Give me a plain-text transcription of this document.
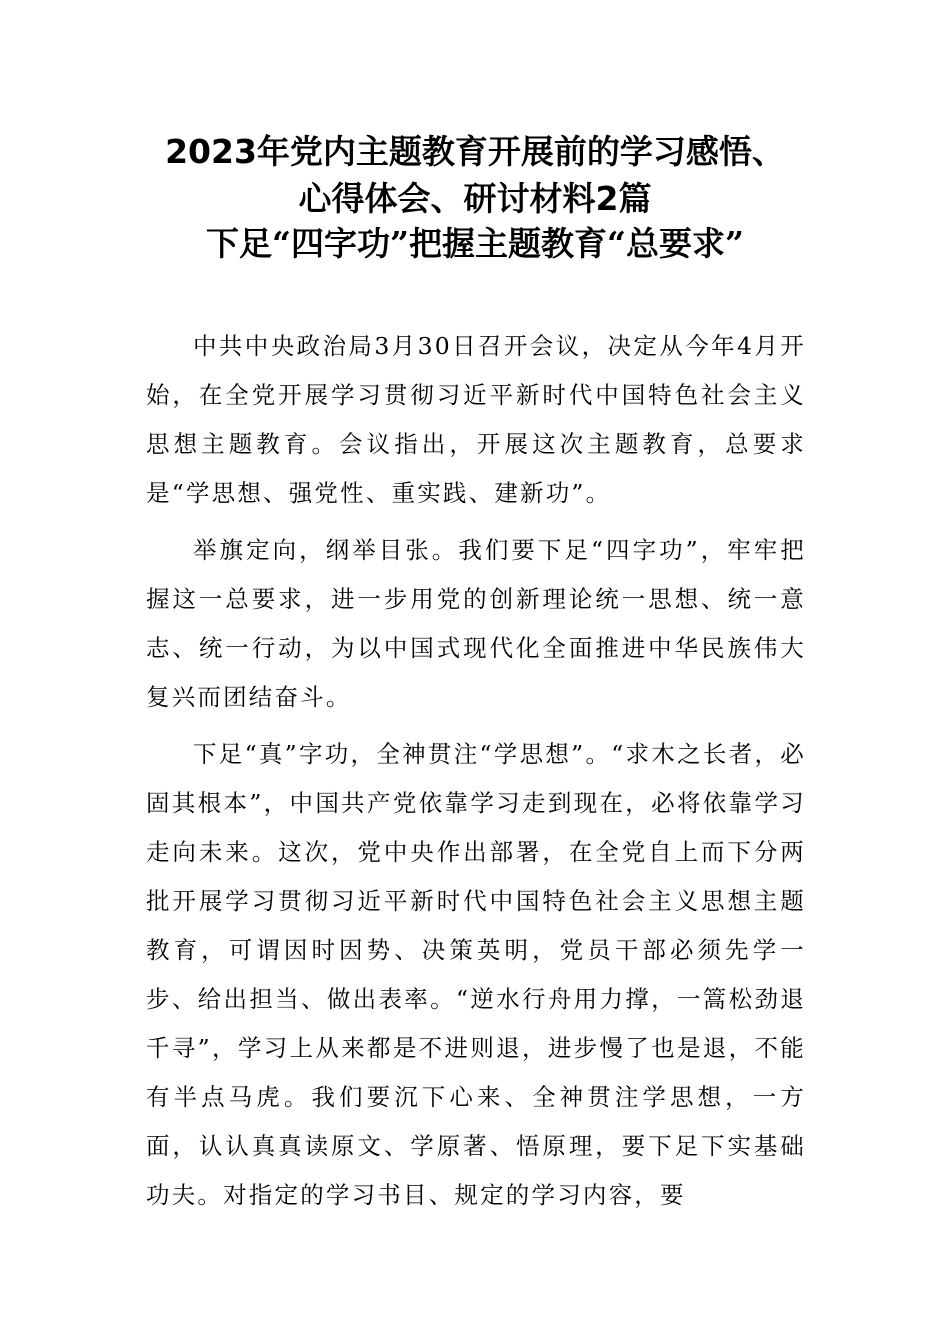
2023年党内主题教育开展前的学习感悟、
心得体会、研讨材料2篇
下足“四字功”把握主题教育“总要求”

中共中央政治局3月30日召开会议，决定从今年4月开始，在全党开展学习贯彻习近平新时代中国特色社会主义思想主题教育。会议指出，开展这次主题教育，总要求是“学思想、强党性、重实践、建新功”。

举旗定向，纲举目张。我们要下足“四字功”，牢牢把握这一总要求，进一步用党的创新理论统一思想、统一意志、统一行动，为以中国式现代化全面推进中华民族伟大复兴而团结奋斗。

下足“真”字功，全神贯注“学思想”。“求木之长者，必固其根本”，中国共产党依靠学习走到现在，必将依靠学习走向未来。这次，党中央作出部署，在全党自上而下分两批开展学习贯彻习近平新时代中国特色社会主义思想主题教育，可谓因时因势、决策英明，党员干部必须先学一步、给出担当、做出表率。“逆水行舟用力撑，一篙松劲退千寻”，学习上从来都是不进则退，进步慢了也是退，不能有半点马虎。我们要沉下心来、全神贯注学思想，一方面，认认真真读原文、学原著、悟原理，要下足下实基础功夫。对指定的学习书目、规定的学习内容，要
